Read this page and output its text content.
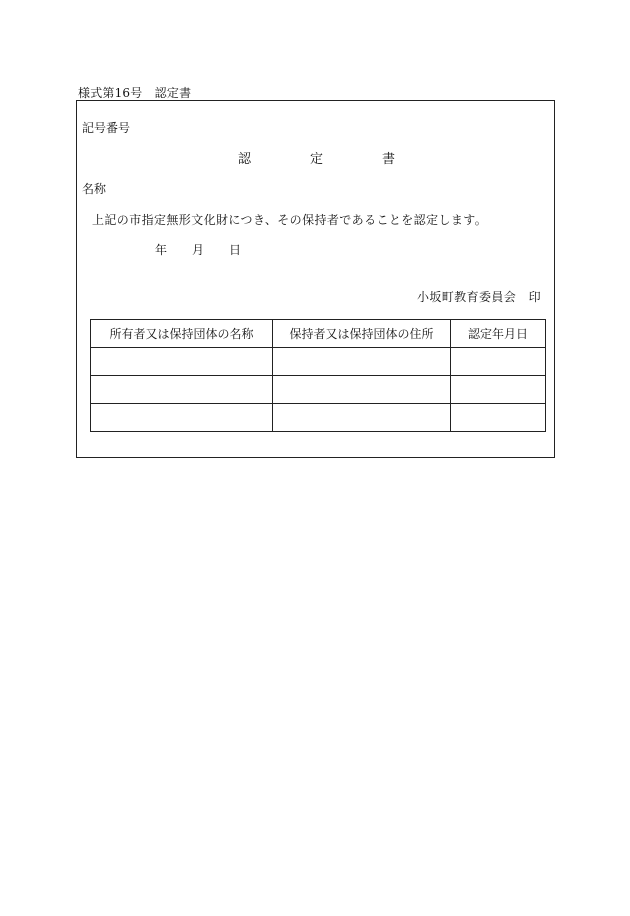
様式第16号　認定書
記号番号
認	定	書
名称
上記の市指定無形文化財につき、その保持者であることを認定します。
年 月 日
小坂町教育委員会　印
所有者又は保持団体の名称	保持者又は保持団体の住所	認定年月日
